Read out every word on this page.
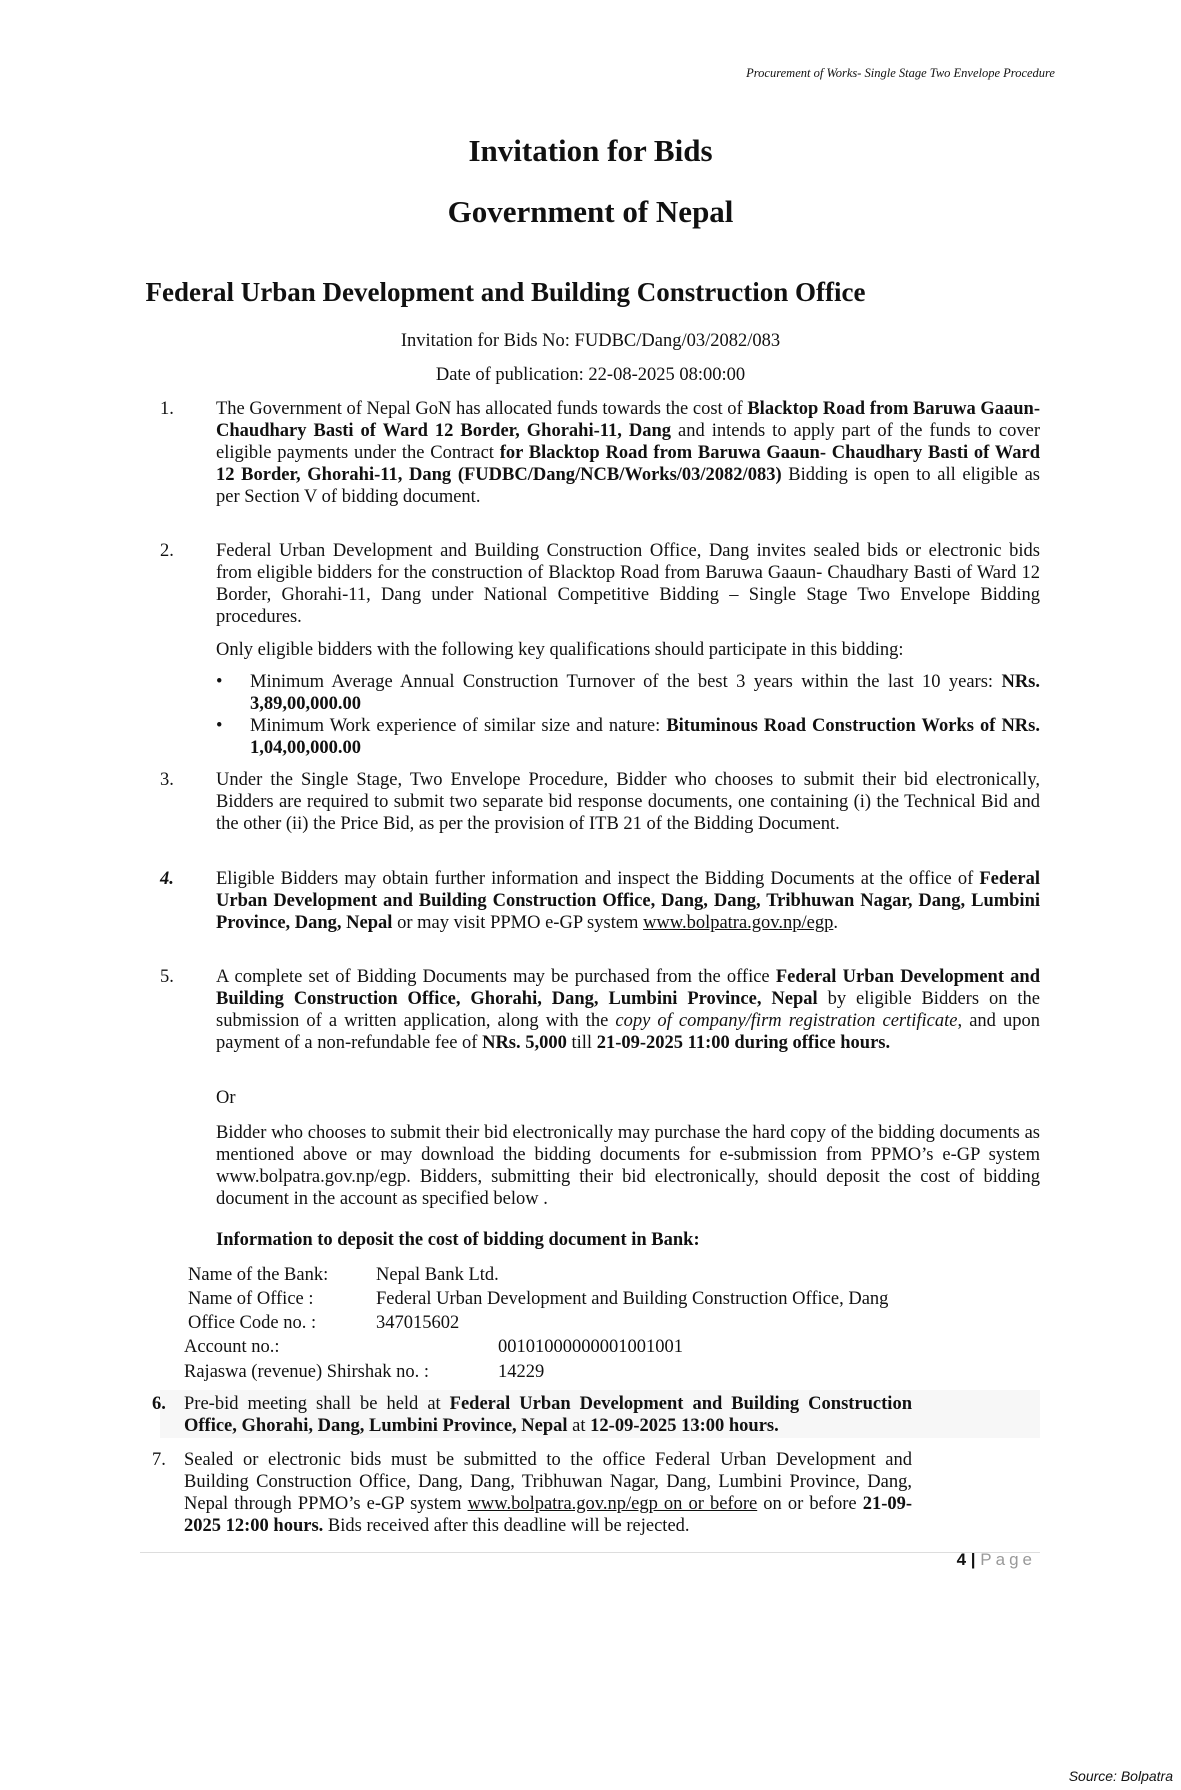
Procurement of Works- Single Stage Two Envelope Procedure
Invitation for Bids
Government of Nepal
Federal Urban Development and Building Construction Office
Invitation for Bids No: FUDBC/Dang/03/2082/083
Date of publication: 22-08-2025 08:00:00
1.	The Government of Nepal GoN has allocated funds towards the cost of Blacktop Road from Baruwa Gaaun- Chaudhary Basti of Ward 12 Border, Ghorahi-11, Dang and intends to apply part of the funds to cover eligible payments under the Contract for Blacktop Road from Baruwa Gaaun- Chaudhary Basti of Ward 12 Border, Ghorahi-11, Dang (FUDBC/Dang/NCB/Works/03/2082/083) Bidding is open to all eligible as per Section V of bidding document.
2.	Federal Urban Development and Building Construction Office, Dang invites sealed bids or electronic bids from eligible bidders for the construction of Blacktop Road from Baruwa Gaaun- Chaudhary Basti of Ward 12 Border, Ghorahi-11, Dang under National Competitive Bidding – Single Stage Two Envelope Bidding procedures.
Only eligible bidders with the following key qualifications should participate in this bidding:
• Minimum Average Annual Construction Turnover of the best 3 years within the last 10 years: NRs. 3,89,00,000.00
• Minimum Work experience of similar size and nature: Bituminous Road Construction Works of NRs. 1,04,00,000.00
3.	Under the Single Stage, Two Envelope Procedure, Bidder who chooses to submit their bid electronically, Bidders are required to submit two separate bid response documents, one containing (i) the Technical Bid and the other (ii) the Price Bid, as per the provision of ITB 21 of the Bidding Document.
4.	Eligible Bidders may obtain further information and inspect the Bidding Documents at the office of Federal Urban Development and Building Construction Office, Dang, Dang, Tribhuwan Nagar, Dang, Lumbini Province, Dang, Nepal or may visit PPMO e-GP system www.bolpatra.gov.np/egp.
5.	A complete set of Bidding Documents may be purchased from the office Federal Urban Development and Building Construction Office, Ghorahi, Dang, Lumbini Province, Nepal by eligible Bidders on the submission of a written application, along with the copy of company/firm registration certificate, and upon payment of a non-refundable fee of NRs. 5,000 till 21-09-2025 11:00 during office hours.
Or
Bidder who chooses to submit their bid electronically may purchase the hard copy of the bidding documents as mentioned above or may download the bidding documents for e-submission from PPMO’s e-GP system www.bolpatra.gov.np/egp. Bidders, submitting their bid electronically, should deposit the cost of bidding document in the account as specified below .
Information to deposit the cost of bidding document in Bank:
Name of the Bank:	Nepal Bank Ltd.
Name of Office :	Federal Urban Development and Building Construction Office, Dang
Office Code no. :	347015602
Account no.:	00101000000001001001
Rajaswa (revenue) Shirshak no. :	14229
4 | Page
6. Pre-bid meeting shall be held at Federal Urban Development and Building Construction Office, Ghorahi, Dang, Lumbini Province, Nepal at 12-09-2025 13:00 hours.
7. Sealed or electronic bids must be submitted to the office Federal Urban Development and Building Construction Office, Dang, Dang, Tribhuwan Nagar, Dang, Lumbini Province, Dang, Nepal through PPMO’s e-GP system www.bolpatra.gov.np/egp on or before on or before 21-09-2025 12:00 hours. Bids received after this deadline will be rejected.
Source: Bolpatra
